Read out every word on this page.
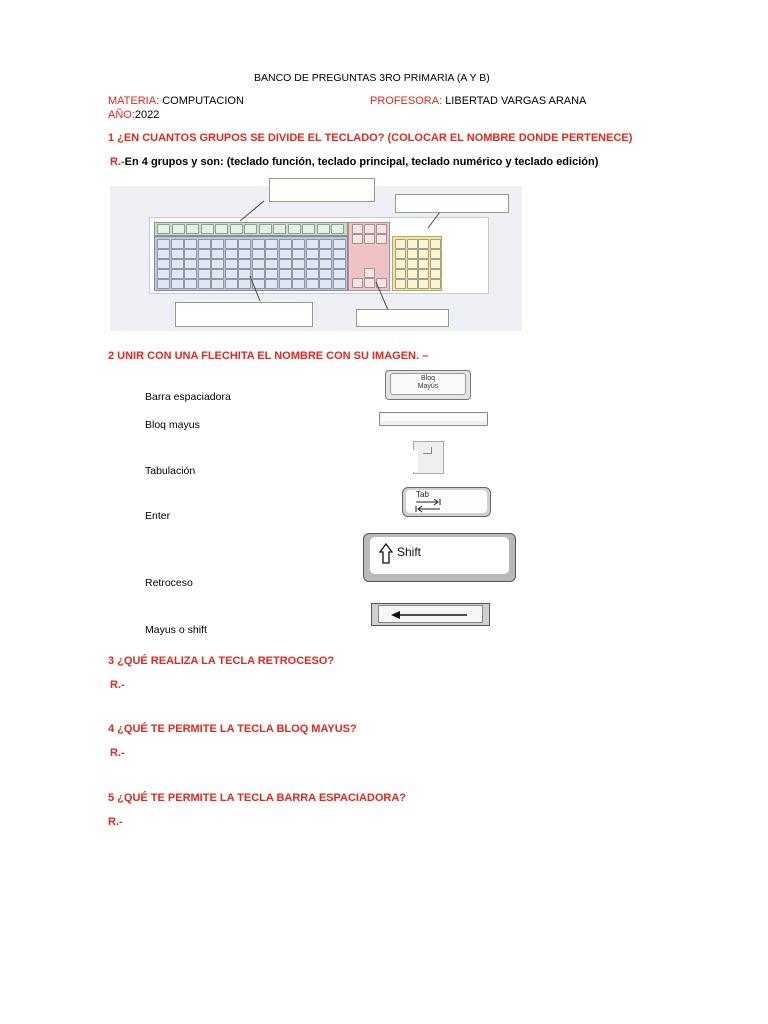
BANCO DE PREGUNTAS 3RO PRIMARIA (A Y B)
MATERIA: COMPUTACION	PROFESORA: LIBERTAD VARGAS ARANA
AÑO:2022
1 ¿EN CUANTOS GRUPOS SE DIVIDE EL TECLADO? (COLOCAR EL NOMBRE DONDE PERTENECE)
R.-En 4 grupos y son: (teclado función, teclado principal, teclado numérico y teclado edición)
2 UNIR CON UNA FLECHITA EL NOMBRE CON SU IMAGEN. –
Barra espaciadora
Bloq mayus
Tabulación
Enter
Retroceso
Mayus o shift
Bloq
Mayús
Tab
Shift
3 ¿QUÉ REALIZA LA TECLA RETROCESO?
R.-
4 ¿QUÉ TE PERMITE LA TECLA BLOQ MAYUS?
R.-
5 ¿QUÉ TE PERMITE LA TECLA BARRA ESPACIADORA?
R.-
